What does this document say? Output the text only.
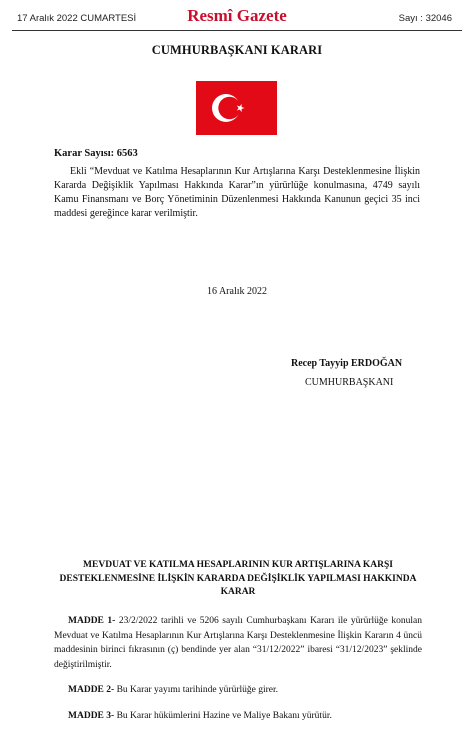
17 Aralık 2022 CUMARTESİ	Resmî Gazete	Sayı : 32046
CUMHURBAŞKANI KARARI
Karar Sayısı: 6563
Ekli “Mevduat ve Katılma Hesaplarının Kur Artışlarına Karşı Desteklenmesine İlişkin Kararda Değişiklik Yapılması Hakkında Karar”ın yürürlüğe konulmasına, 4749 sayılı Kamu Finansmanı ve Borç Yönetiminin Düzenlenmesi Hakkında Kanunun geçici 35 inci maddesi gereğince karar verilmiştir.
16 Aralık 2022
Recep Tayyip ERDOĞAN
CUMHURBAŞKANI
MEVDUAT VE KATILMA HESAPLARININ KUR ARTIŞLARINA KARŞI DESTEKLENMESİNE İLİŞKİN KARARDA DEĞİŞİKLİK YAPILMASI HAKKINDA KARAR
MADDE 1- 23/2/2022 tarihli ve 5206 sayılı Cumhurbaşkanı Kararı ile yürürlüğe konulan Mevduat ve Katılma Hesaplarının Kur Artışlarına Karşı Desteklenmesine İlişkin Kararın 4 üncü maddesinin birinci fıkrasının (ç) bendinde yer alan “31/12/2022” ibaresi “31/12/2023” şeklinde değiştirilmiştir.
MADDE 2- Bu Karar yayımı tarihinde yürürlüğe girer.
MADDE 3- Bu Karar hükümlerini Hazine ve Maliye Bakanı yürütür.
